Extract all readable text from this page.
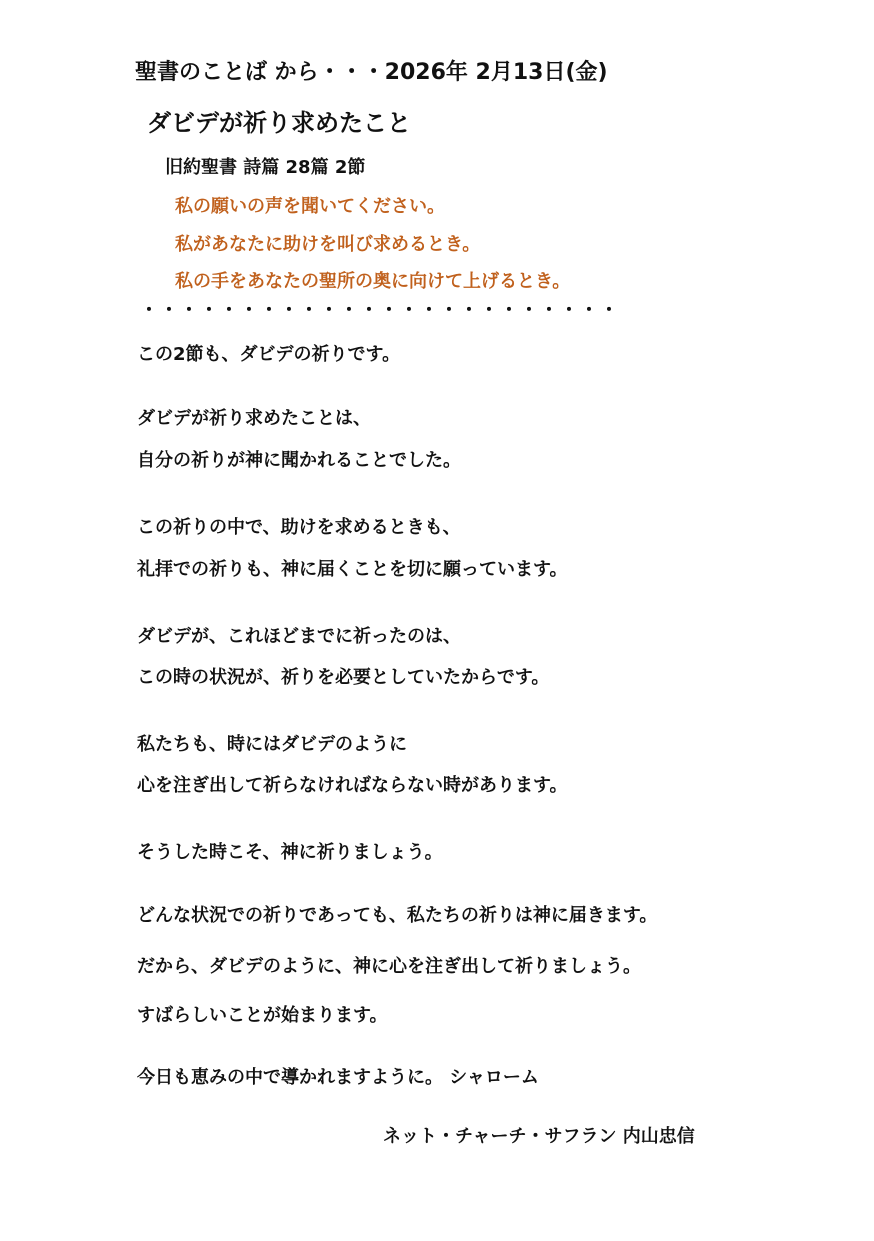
聖書のことば から・・・2026年 2月13日(金)
ダビデが祈り求めたこと
旧約聖書 詩篇 28篇 2節
私の願いの声を聞いてください。
私があなたに助けを叫び求めるとき。
私の手をあなたの聖所の奥に向けて上げるとき。
・・・・・・・・・・・・・・・・・・・・・・・・
この2節も、ダビデの祈りです。
ダビデが祈り求めたことは、
自分の祈りが神に聞かれることでした。
この祈りの中で、助けを求めるときも、
礼拝での祈りも、神に届くことを切に願っています。
ダビデが、これほどまでに祈ったのは、
この時の状況が、祈りを必要としていたからです。
私たちも、時にはダビデのように
心を注ぎ出して祈らなければならない時があります。
そうした時こそ、神に祈りましょう。
どんな状況での祈りであっても、私たちの祈りは神に届きます。
だから、ダビデのように、神に心を注ぎ出して祈りましょう。
すばらしいことが始まります。
今日も恵みの中で導かれますように。 シャローム
ネット・チャーチ・サフラン 内山忠信
